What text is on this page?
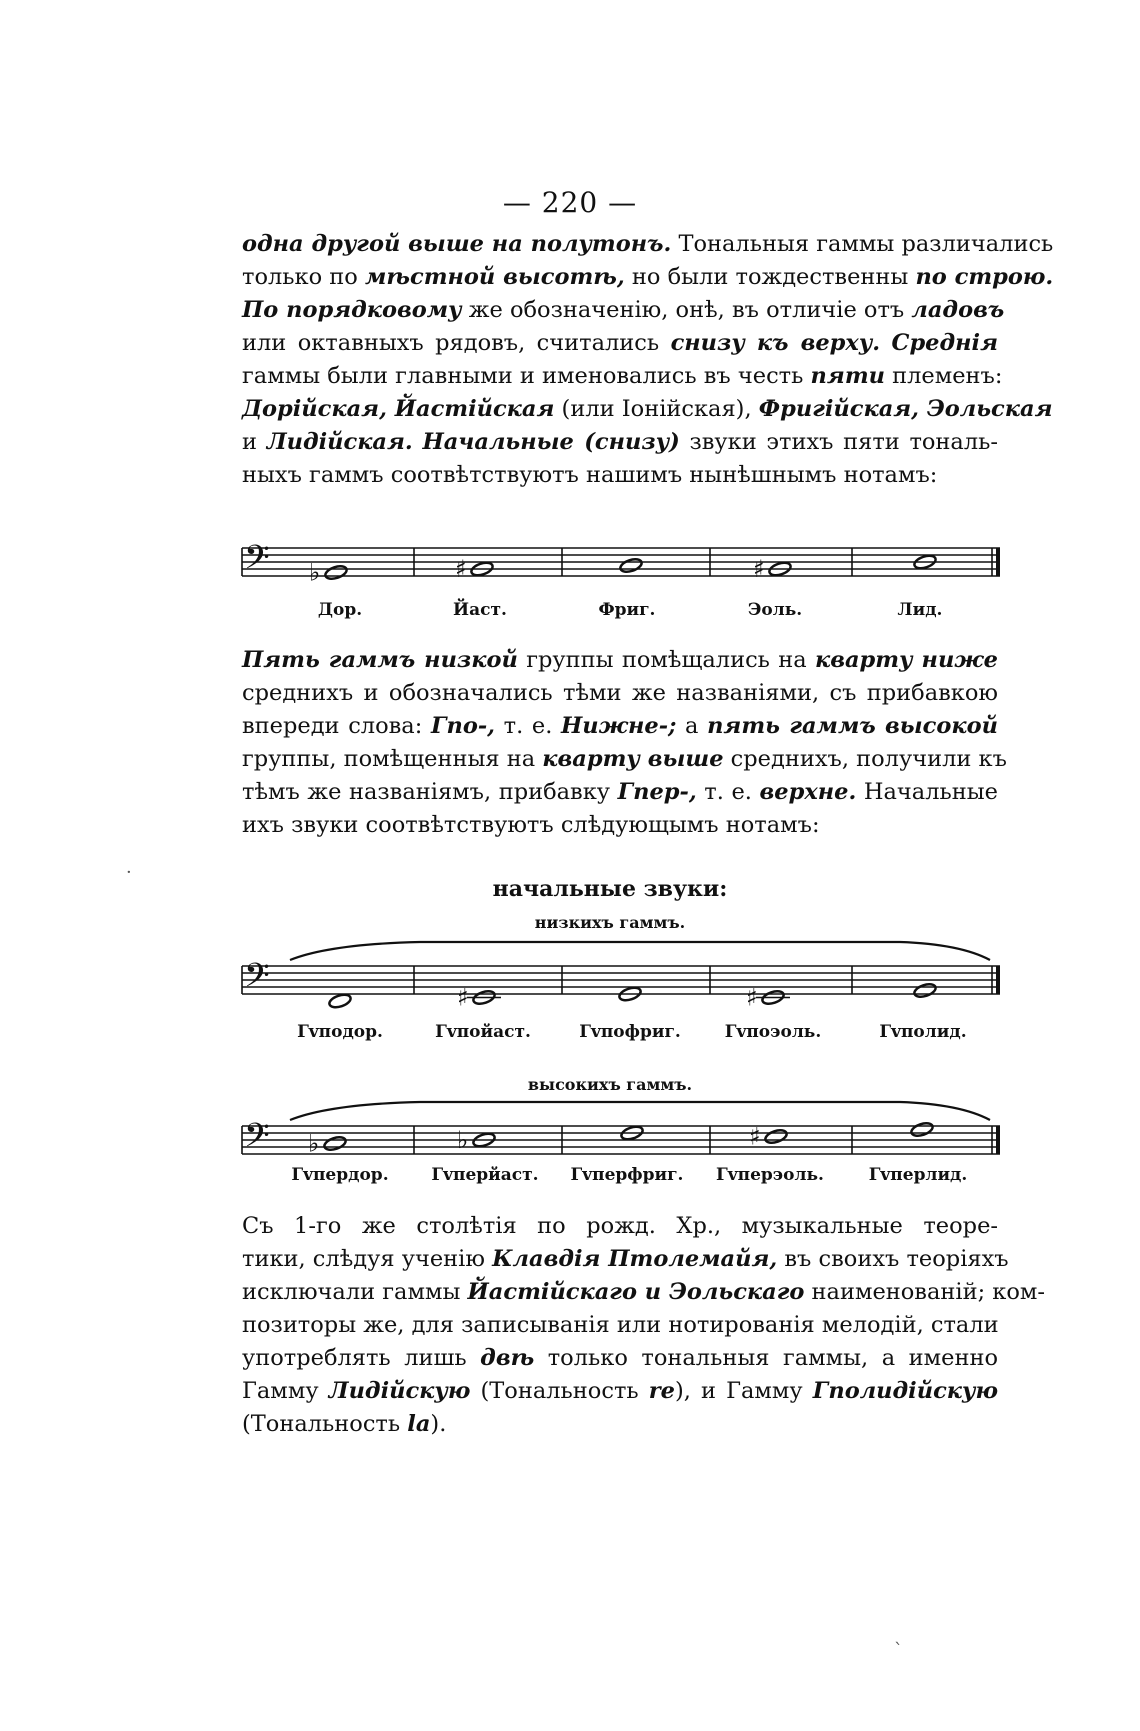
— 220 —
одна другой выше на полутонъ. Тональныя гаммы различались
только по мѣстной высотѣ, но были тождественны по строю.
По порядковому же обозначенію, онѣ, въ отличіе отъ ладовъ
или октавныхъ рядовъ, считались снизу къ верху. Среднія
гаммы были главными и именовались въ честь пяти племенъ:
Дорійская, Йастійская (или Іонійская), Фригійская, Эольская
и Лидійская. Начальные (снизу) звуки этихъ пяти тональ-
ныхъ гаммъ соотвѣтствуютъ нашимъ нынѣшнымъ нотамъ:
𝄢 ♭	♯	♯
Дор.	Йаст.	Фриг.	Эоль.	Лид.
Пять гаммъ низкой группы помѣщались на кварту ниже
среднихъ и обозначались тѣми же названіями, съ прибавкою
впереди слова: Гпо-, т. е. Нижне-; а пять гаммъ высокой
группы, помѣщенныя на кварту выше среднихъ, получили къ
тѣмъ же названіямъ, прибавку Гпер-, т. е. верхне. Начальные
ихъ звуки соотвѣтствуютъ слѣдующымъ нотамъ:
начальные звуки:
низкихъ гаммъ.
𝄢	♯	♯
Гvподор.	Гvпойаст.	Гvпофриг.	Гvпоэоль.	Гvполид.
высокихъ гаммъ.
𝄢 ♭	♭	♯
Гvпердор.	Гvперйаст. Гvперфриг. Гvперэоль.	Гvперлид.
Съ 1-го же столѣтія по рожд. Хр., музыкальные теоре-
тики, слѣдуя ученію Клавдія Птолемайя, въ своихъ теоріяхъ
исключали гаммы Йастійскаго и Эольскаго наименованій; ком-
позиторы же, для записыванія или нотированія мелодій, стали
употреблять лишь двѣ только тональныя гаммы, а именно
Гамму Лидійскую (Тональность re), и Гамму Гполидійскую
(Тональность la).
·
`
